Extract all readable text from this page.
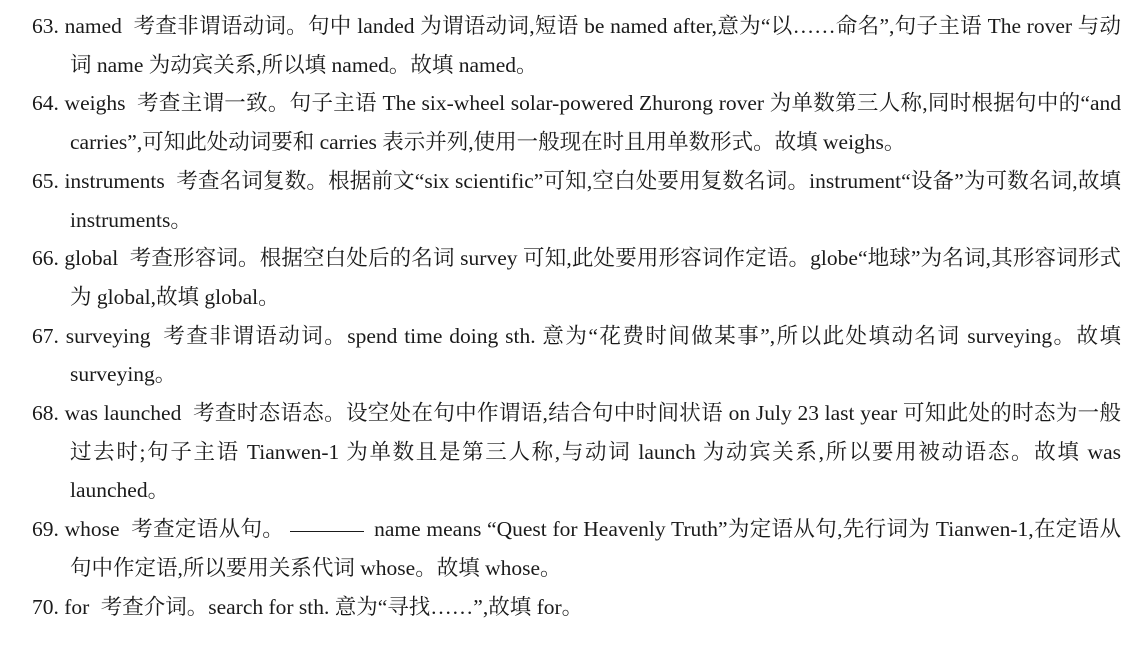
63. named 考查非谓语动词。句中 landed 为谓语动词,短语 be named after,意为“以……命名”,句子主语 The rover 与动词 name 为动宾关系,所以填 named。故填 named。
64. weighs 考查主谓一致。句子主语 The six-wheel solar-powered Zhurong rover 为单数第三人称,同时根据句中的“and carries”,可知此处动词要和 carries 表示并列,使用一般现在时且用单数形式。故填 weighs。
65. instruments 考查名词复数。根据前文“six scientific”可知,空白处要用复数名词。instrument“设备”为可数名词,故填 instruments。
66. global 考查形容词。根据空白处后的名词 survey 可知,此处要用形容词作定语。globe“地球”为名词,其形容词形式为 global,故填 global。
67. surveying 考查非谓语动词。spend time doing sth. 意为“花费时间做某事”,所以此处填动名词 surveying。故填 surveying。
68. was launched 考查时态语态。设空处在句中作谓语,结合句中时间状语 on July 23 last year 可知此处的时态为一般过去时;句子主语 Tianwen-1 为单数且是第三人称,与动词 launch 为动宾关系,所以要用被动语态。故填 was launched。
69. whose 考查定语从句。	name means “Quest for Heavenly Truth”为定语从句,先行词为 Tianwen-1,在定语从句中作定语,所以要用关系代词 whose。故填 whose。
70. for 考查介词。search for sth. 意为“寻找……”,故填 for。
